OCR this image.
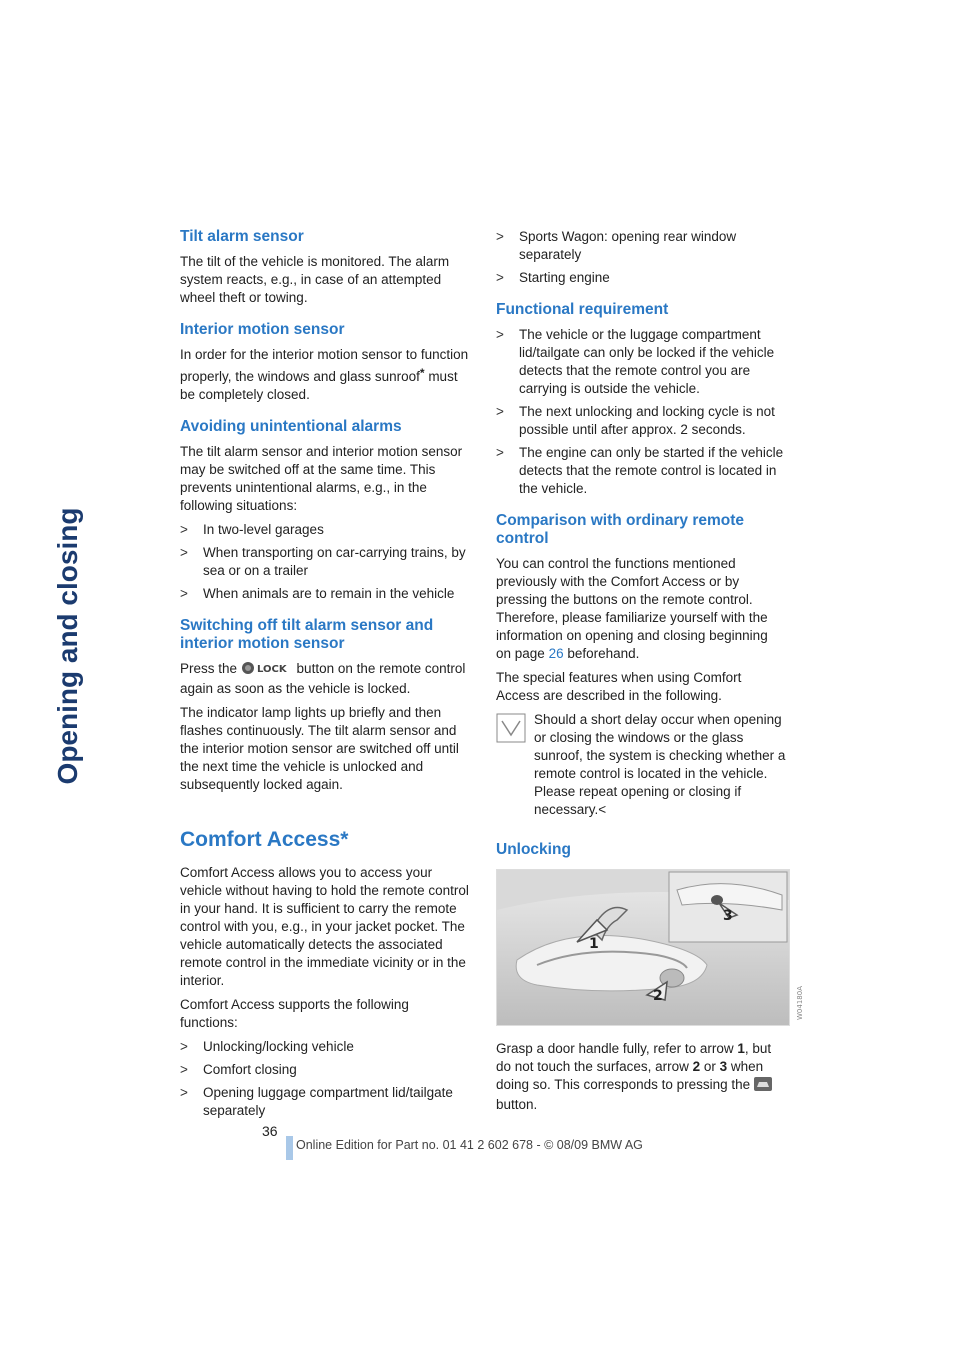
Opening and closing
Tilt alarm sensor

The tilt of the vehicle is monitored. The alarm system reacts, e.g., in case of an attempted wheel theft or towing.

Interior motion sensor

In order for the interior motion sensor to function properly, the windows and glass sunroof* must be completely closed.

Avoiding unintentional alarms

The tilt alarm sensor and interior motion sensor may be switched off at the same time. This prevents unintentional alarms, e.g., in the following situations:

> In two-level garages
> When transporting on car-carrying trains, by sea or on a trailer
> When animals are to remain in the vehicle
Switching off tilt alarm sensor and interior motion sensor

Press the LOCK button on the remote control again as soon as the vehicle is locked.

The indicator lamp lights up briefly and then flashes continuously. The tilt alarm sensor and the interior motion sensor are switched off until the next time the vehicle is unlocked and subsequently locked again.

Comfort Access*

Comfort Access allows you to access your vehicle without having to hold the remote control in your hand. It is sufficient to carry the remote control with you, e.g., in your jacket pocket. The vehicle automatically detects the associated remote control in the immediate vicinity or in the interior.

Comfort Access supports the following functions:

> Unlocking/locking vehicle
> Comfort closing
> Opening luggage compartment lid/tailgate separately
> Sports Wagon: opening rear window separately
> Starting engine
Functional requirement
> The vehicle or the luggage compartment lid/tailgate can only be locked if the vehicle detects that the remote control you are carrying is outside the vehicle.
> The next unlocking and locking cycle is not possible until after approx. 2 seconds.
> The engine can only be started if the vehicle detects that the remote control is located in the vehicle.
Comparison with ordinary remote control

You can control the functions mentioned previously with the Comfort Access or by pressing the buttons on the remote control. Therefore, please familiarize yourself with the information on opening and closing beginning on page 26 beforehand.

The special features when using Comfort Access are described in the following.

Should a short delay occur when opening or closing the windows or the glass sunroof, the system is checking whether a remote control is located in the vehicle. Please repeat opening or closing if necessary.<

Unlocking
1
2
3
W04180A

Grasp a door handle fully, refer to arrow 1, but do not touch the surfaces, arrow 2 or 3 when doing so. This corresponds to pressing the  button.

36
Online Edition for Part no. 01 41 2 602 678 - © 08/09 BMW AG
